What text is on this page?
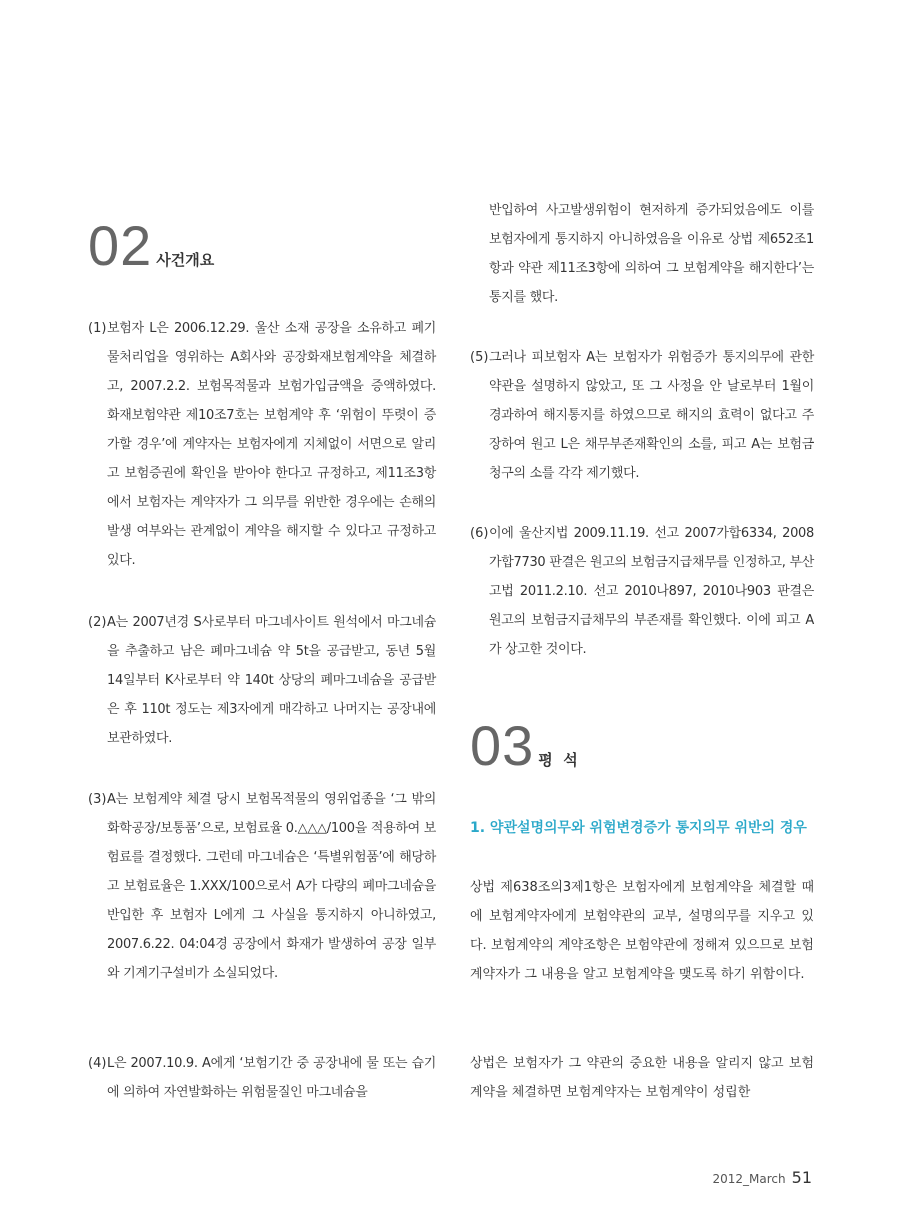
02 사건개요
(1) 보험자 L은 2006.12.29. 울산 소재 공장을 소유하고 폐기물처리업을 영위하는 A회사와 공장화재보험계약을 체결하고, 2007.2.2. 보험목적물과 보험가입금액을 증액하였다. 화재보험약관 제10조7호는 보험계약 후 ‘위험이 뚜렷이 증가할 경우’에 계약자는 보험자에게 지체없이 서면으로 알리고 보험증권에 확인을 받아야 한다고 규정하고, 제11조3항에서 보험자는 계약자가 그 의무를 위반한 경우에는 손해의 발생 여부와는 관계없이 계약을 해지할 수 있다고 규정하고 있다.
(2) A는 2007년경 S사로부터 마그네사이트 원석에서 마그네슘을 추출하고 남은 폐마그네슘 약 5t을 공급받고, 동년 5월 14일부터 K사로부터 약 140t 상당의 폐마그네슘을 공급받은 후 110t 정도는 제3자에게 매각하고 나머지는 공장내에 보관하였다.
(3) A는 보험계약 체결 당시 보험목적물의 영위업종을 ‘그 밖의 화학공장/보통품’으로, 보험료율 0.△△△/100을 적용하여 보험료를 결정했다. 그런데 마그네슘은 ‘특별위험품’에 해당하고 보험료율은 1.XXX/100으로서 A가 다량의 폐마그네슘을 반입한 후 보험자 L에게 그 사실을 통지하지 아니하였고, 2007.6.22. 04:04경 공장에서 화재가 발생하여 공장 일부와 기계기구설비가 소실되었다.
(4) L은 2007.10.9. A에게 ‘보험기간 중 공장내에 물 또는 습기에 의하여 자연발화하는 위험물질인 마그네슘을
반입하여 사고발생위험이 현저하게 증가되었음에도 이를 보험자에게 통지하지 아니하였음을 이유로 상법 제652조1항과 약관 제11조3항에 의하여 그 보험계약을 해지한다’는 통지를 했다.
(5) 그러나 피보험자 A는 보험자가 위험증가 통지의무에 관한 약관을 설명하지 않았고, 또 그 사정을 안 날로부터 1월이 경과하여 해지통지를 하였으므로 해지의 효력이 없다고 주장하여 원고 L은 채무부존재확인의 소를, 피고 A는 보험금청구의 소를 각각 제기했다.
(6) 이에 울산지법 2009.11.19. 선고 2007가합6334, 2008가합7730 판결은 원고의 보험금지급채무를 인정하고, 부산고법 2011.2.10. 선고 2010나897, 2010나903 판결은 원고의 보험금지급채무의 부존재를 확인했다. 이에 피고 A가 상고한 것이다.
03 평  석
1. 약관설명의무와 위험변경증가 통지의무 위반의 경우
상법 제638조의3제1항은 보험자에게 보험계약을 체결할 때에 보험계약자에게 보험약관의 교부, 설명의무를 지우고 있다. 보험계약의 계약조항은 보험약관에 정해져 있으므로 보험계약자가 그 내용을 알고 보험계약을 맺도록 하기 위함이다.
상법은 보험자가 그 약관의 중요한 내용을 알리지 않고 보험계약을 체결하면 보험계약자는 보험계약이 성립한
2012_March 51
